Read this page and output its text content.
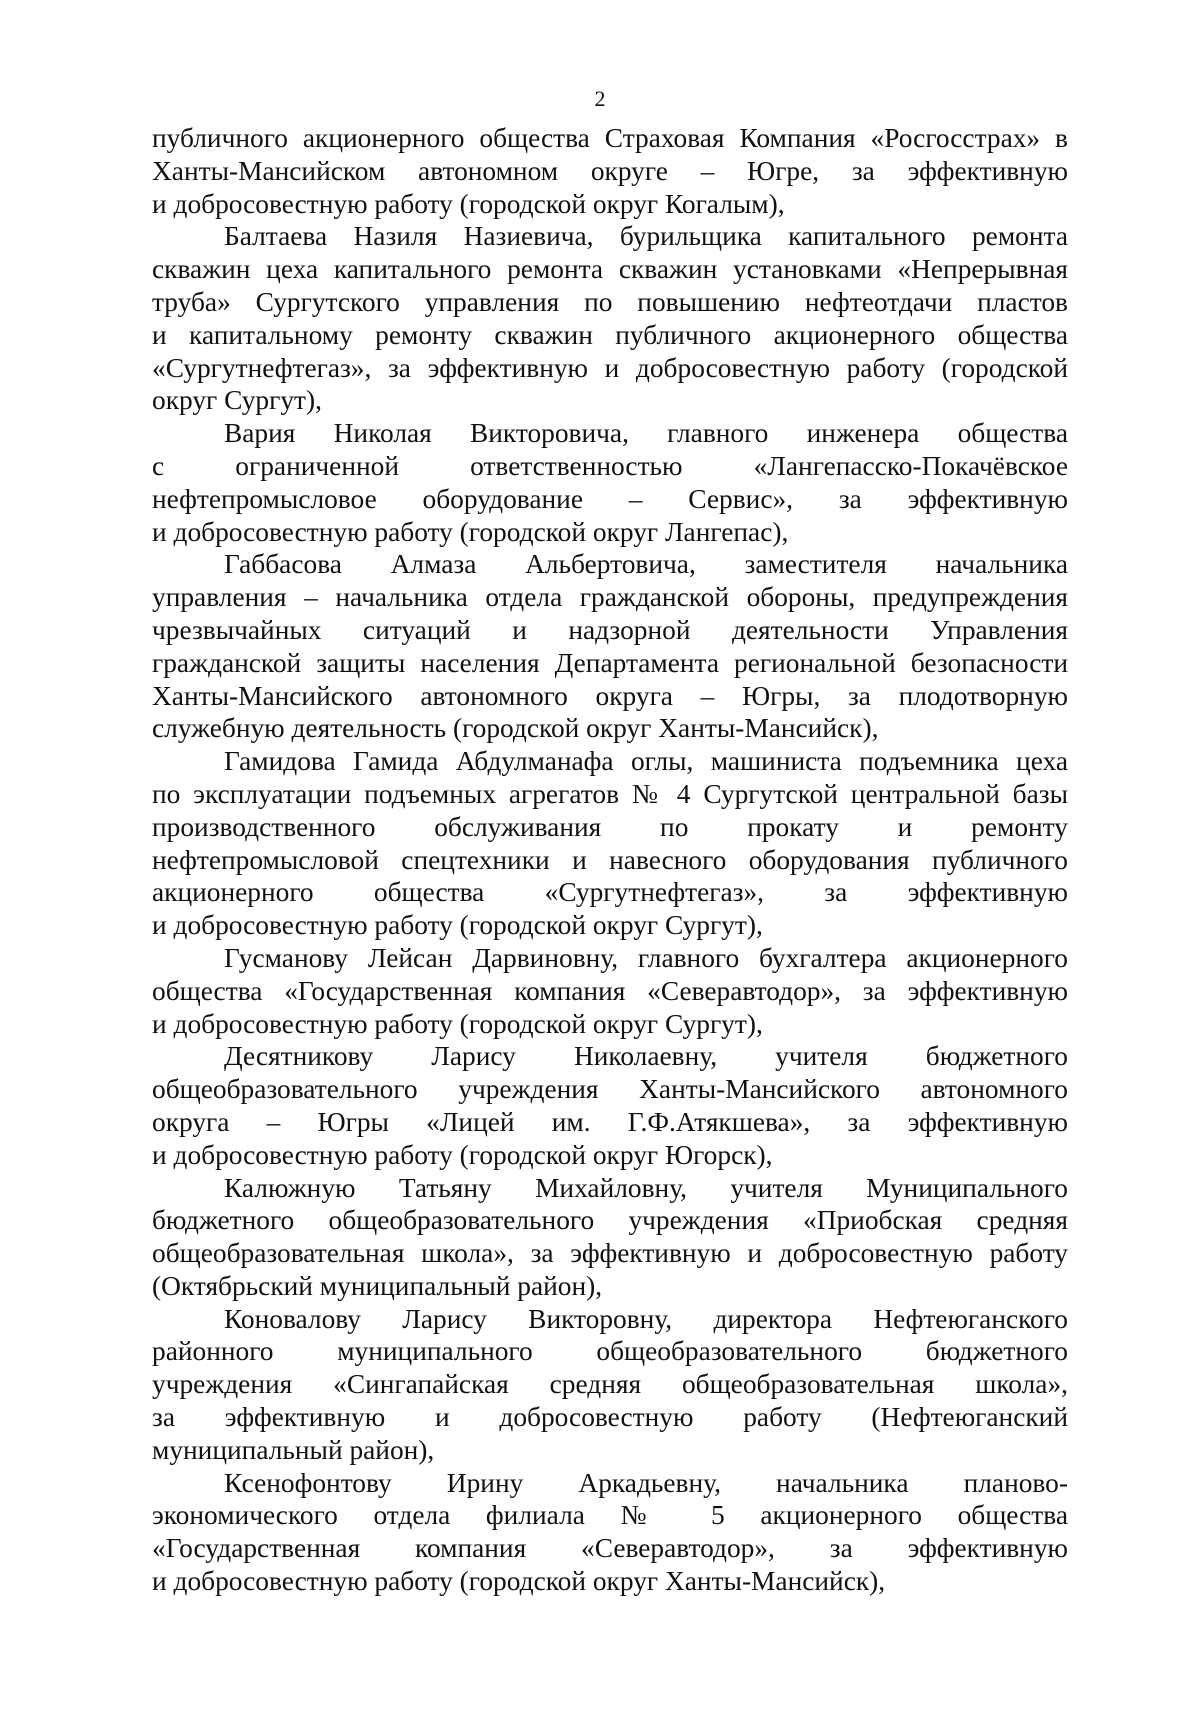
2
публичного акционерного общества Страховая Компания «Росгосстрах» в
Ханты-Мансийском автономном округе – Югре, за эффективную
и добросовестную работу (городской округ Когалым),
Балтаева Назиля Назиевича, бурильщика капитального ремонта
скважин цеха капитального ремонта скважин установками «Непрерывная
труба» Сургутского управления по повышению нефтеотдачи пластов
и капитальному ремонту скважин публичного акционерного общества
«Сургутнефтегаз», за эффективную и добросовестную работу (городской
округ Сургут),
Вария Николая Викторовича, главного инженера общества
с ограниченной ответственностью «Лангепасско-Покачёвское
нефтепромысловое оборудование – Сервис», за эффективную
и добросовестную работу (городской округ Лангепас),
Габбасова Алмаза Альбертовича, заместителя начальника
управления – начальника отдела гражданской обороны, предупреждения
чрезвычайных ситуаций и надзорной деятельности Управления
гражданской защиты населения Департамента региональной безопасности
Ханты-Мансийского автономного округа – Югры, за плодотворную
служебную деятельность (городской округ Ханты-Мансийск),
Гамидова Гамида Абдулманафа оглы, машиниста подъемника цеха
по эксплуатации подъемных агрегатов № 4 Сургутской центральной базы
производственного обслуживания по прокату и ремонту
нефтепромысловой спецтехники и навесного оборудования публичного
акционерного общества «Сургутнефтегаз», за эффективную
и добросовестную работу (городской округ Сургут),
Гусманову Лейсан Дарвиновну, главного бухгалтера акционерного
общества «Государственная компания «Северавтодор», за эффективную
и добросовестную работу (городской округ Сургут),
Десятникову Ларису Николаевну, учителя бюджетного
общеобразовательного учреждения Ханты-Мансийского автономного
округа – Югры «Лицей им. Г.Ф.Атякшева», за эффективную
и добросовестную работу (городской округ Югорск),
Калюжную Татьяну Михайловну, учителя Муниципального
бюджетного общеобразовательного учреждения «Приобская средняя
общеобразовательная школа», за эффективную и добросовестную работу
(Октябрьский муниципальный район),
Коновалову Ларису Викторовну, директора Нефтеюганского
районного муниципального общеобразовательного бюджетного
учреждения «Сингапайская средняя общеобразовательная школа»,
за эффективную и добросовестную работу (Нефтеюганский
муниципальный район),
Ксенофонтову Ирину Аркадьевну, начальника планово-
экономического отдела филиала № 5 акционерного общества
«Государственная компания «Северавтодор», за эффективную
и добросовестную работу (городской округ Ханты-Мансийск),
